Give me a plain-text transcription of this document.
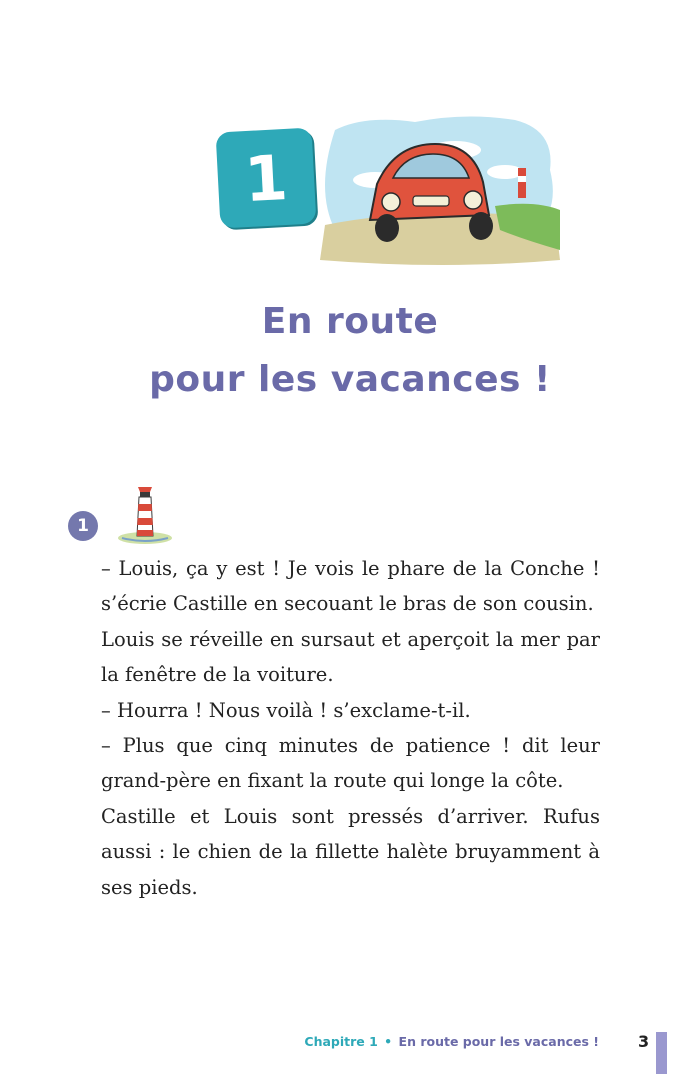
1
En route
pour les vacances !
1

– Louis, ça y est ! Je vois le phare de la Conche ! s’écrie Castille en secouant le bras de son cousin.

Louis se réveille en sursaut et aperçoit la mer par la fenêtre de la voiture.

– Hourra ! Nous voilà ! s’exclame-t-il.

– Plus que cinq minutes de patience ! dit leur grand-père en fixant la route qui longe la côte.

Castille et Louis sont pressés d’arriver. Rufus aussi : le chien de la fillette halète bruyamment à ses pieds.

Chapitre 1 • En route pour les vacances ! 3
